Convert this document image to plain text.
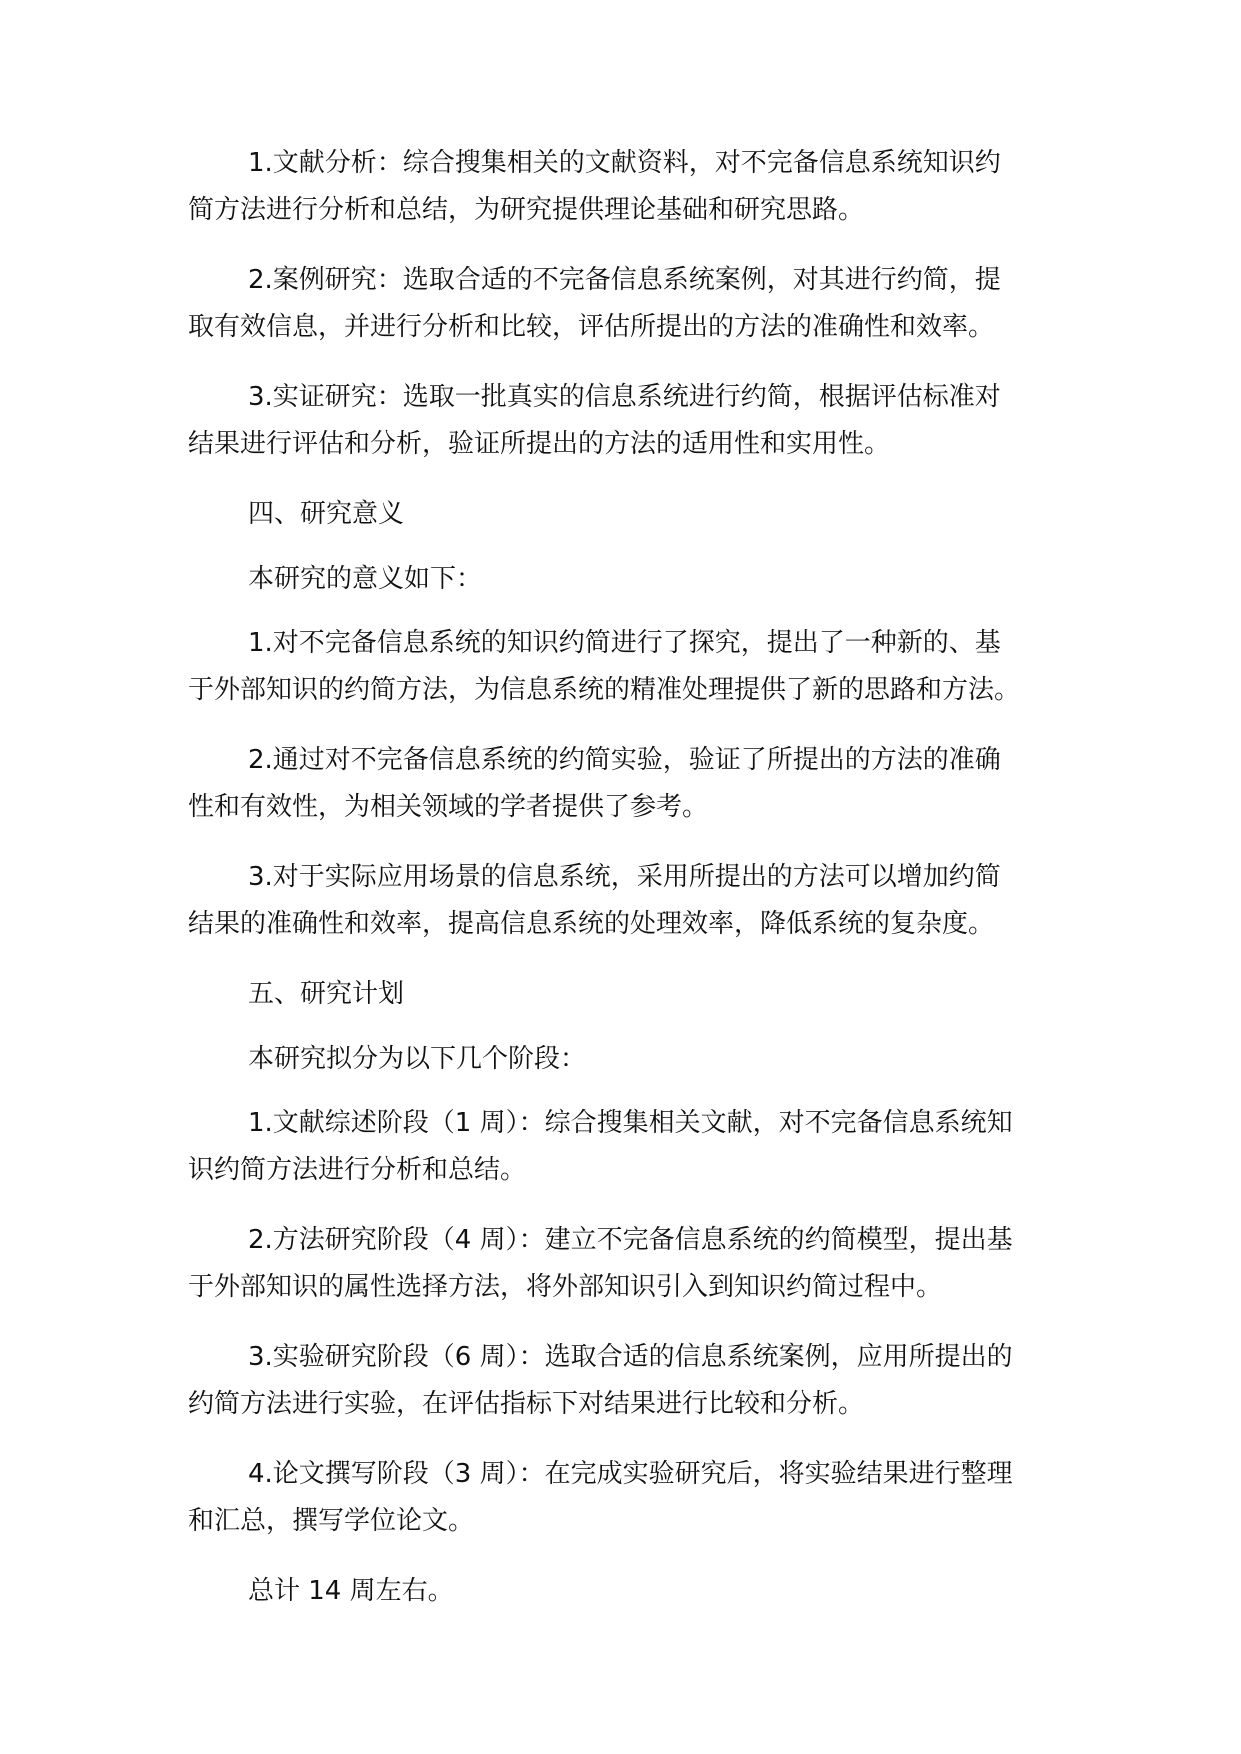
1.文献分析：综合搜集相关的文献资料，对不完备信息系统知识约
简方法进行分析和总结，为研究提供理论基础和研究思路。
2.案例研究：选取合适的不完备信息系统案例，对其进行约简，提
取有效信息，并进行分析和比较，评估所提出的方法的准确性和效率。
3.实证研究：选取一批真实的信息系统进行约简，根据评估标准对
结果进行评估和分析，验证所提出的方法的适用性和实用性。
四、研究意义
本研究的意义如下：
1.对不完备信息系统的知识约简进行了探究，提出了一种新的、基
于外部知识的约简方法，为信息系统的精准处理提供了新的思路和方法。
2.通过对不完备信息系统的约简实验，验证了所提出的方法的准确
性和有效性，为相关领域的学者提供了参考。
3.对于实际应用场景的信息系统，采用所提出的方法可以增加约简
结果的准确性和效率，提高信息系统的处理效率，降低系统的复杂度。
五、研究计划
本研究拟分为以下几个阶段：
1.文献综述阶段（1 周）：综合搜集相关文献，对不完备信息系统知
识约简方法进行分析和总结。
2.方法研究阶段（4 周）：建立不完备信息系统的约简模型，提出基
于外部知识的属性选择方法，将外部知识引入到知识约简过程中。
3.实验研究阶段（6 周）：选取合适的信息系统案例，应用所提出的
约简方法进行实验，在评估指标下对结果进行比较和分析。
4.论文撰写阶段（3 周）：在完成实验研究后，将实验结果进行整理
和汇总，撰写学位论文。
总计 14 周左右。
